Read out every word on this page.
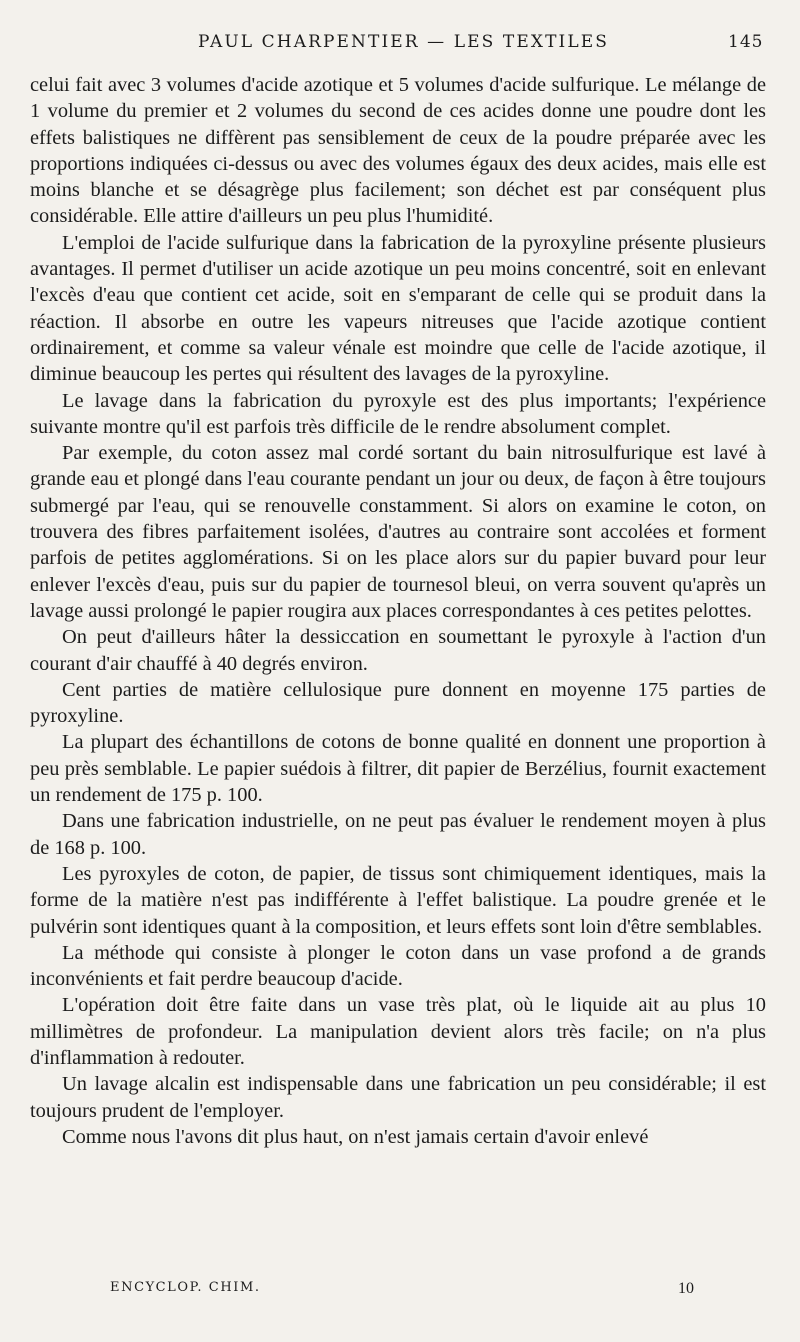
PAUL CHARPENTIER — LES TEXTILES	145

celui fait avec 3 volumes d'acide azotique et 5 volumes d'acide sulfurique. Le mélange de 1 volume du premier et 2 volumes du second de ces acides donne une poudre dont les effets balistiques ne diffèrent pas sensiblement de ceux de la poudre préparée avec les proportions indiquées ci-dessus ou avec des volumes égaux des deux acides, mais elle est moins blanche et se désagrège plus facilement; son déchet est par conséquent plus considérable. Elle attire d'ailleurs un peu plus l'humidité.

L'emploi de l'acide sulfurique dans la fabrication de la pyroxyline présente plusieurs avantages. Il permet d'utiliser un acide azotique un peu moins concentré, soit en enlevant l'excès d'eau que contient cet acide, soit en s'emparant de celle qui se produit dans la réaction. Il absorbe en outre les vapeurs nitreuses que l'acide azotique contient ordinairement, et comme sa valeur vénale est moindre que celle de l'acide azotique, il diminue beaucoup les pertes qui résultent des lavages de la pyroxyline.

Le lavage dans la fabrication du pyroxyle est des plus importants; l'expérience suivante montre qu'il est parfois très difficile de le rendre absolument complet.

Par exemple, du coton assez mal cordé sortant du bain nitrosulfurique est lavé à grande eau et plongé dans l'eau courante pendant un jour ou deux, de façon à être toujours submergé par l'eau, qui se renouvelle constamment. Si alors on examine le coton, on trouvera des fibres parfaitement isolées, d'autres au contraire sont accolées et forment parfois de petites agglomérations. Si on les place alors sur du papier buvard pour leur enlever l'excès d'eau, puis sur du papier de tournesol bleui, on verra souvent qu'après un lavage aussi prolongé le papier rougira aux places correspondantes à ces petites pelottes.

On peut d'ailleurs hâter la dessiccation en soumettant le pyroxyle à l'action d'un courant d'air chauffé à 40 degrés environ.

Cent parties de matière cellulosique pure donnent en moyenne 175 parties de pyroxyline.

La plupart des échantillons de cotons de bonne qualité en donnent une proportion à peu près semblable. Le papier suédois à filtrer, dit papier de Berzélius, fournit exactement un rendement de 175 p. 100.

Dans une fabrication industrielle, on ne peut pas évaluer le rendement moyen à plus de 168 p. 100.

Les pyroxyles de coton, de papier, de tissus sont chimiquement identiques, mais la forme de la matière n'est pas indifférente à l'effet balistique. La poudre grenée et le pulvérin sont identiques quant à la composition, et leurs effets sont loin d'être semblables.

La méthode qui consiste à plonger le coton dans un vase profond a de grands inconvénients et fait perdre beaucoup d'acide.

L'opération doit être faite dans un vase très plat, où le liquide ait au plus 10 millimètres de profondeur. La manipulation devient alors très facile; on n'a plus d'inflammation à redouter.

Un lavage alcalin est indispensable dans une fabrication un peu considérable; il est toujours prudent de l'employer.

Comme nous l'avons dit plus haut, on n'est jamais certain d'avoir enlevé

ENCYCLOP. CHIM.	10
